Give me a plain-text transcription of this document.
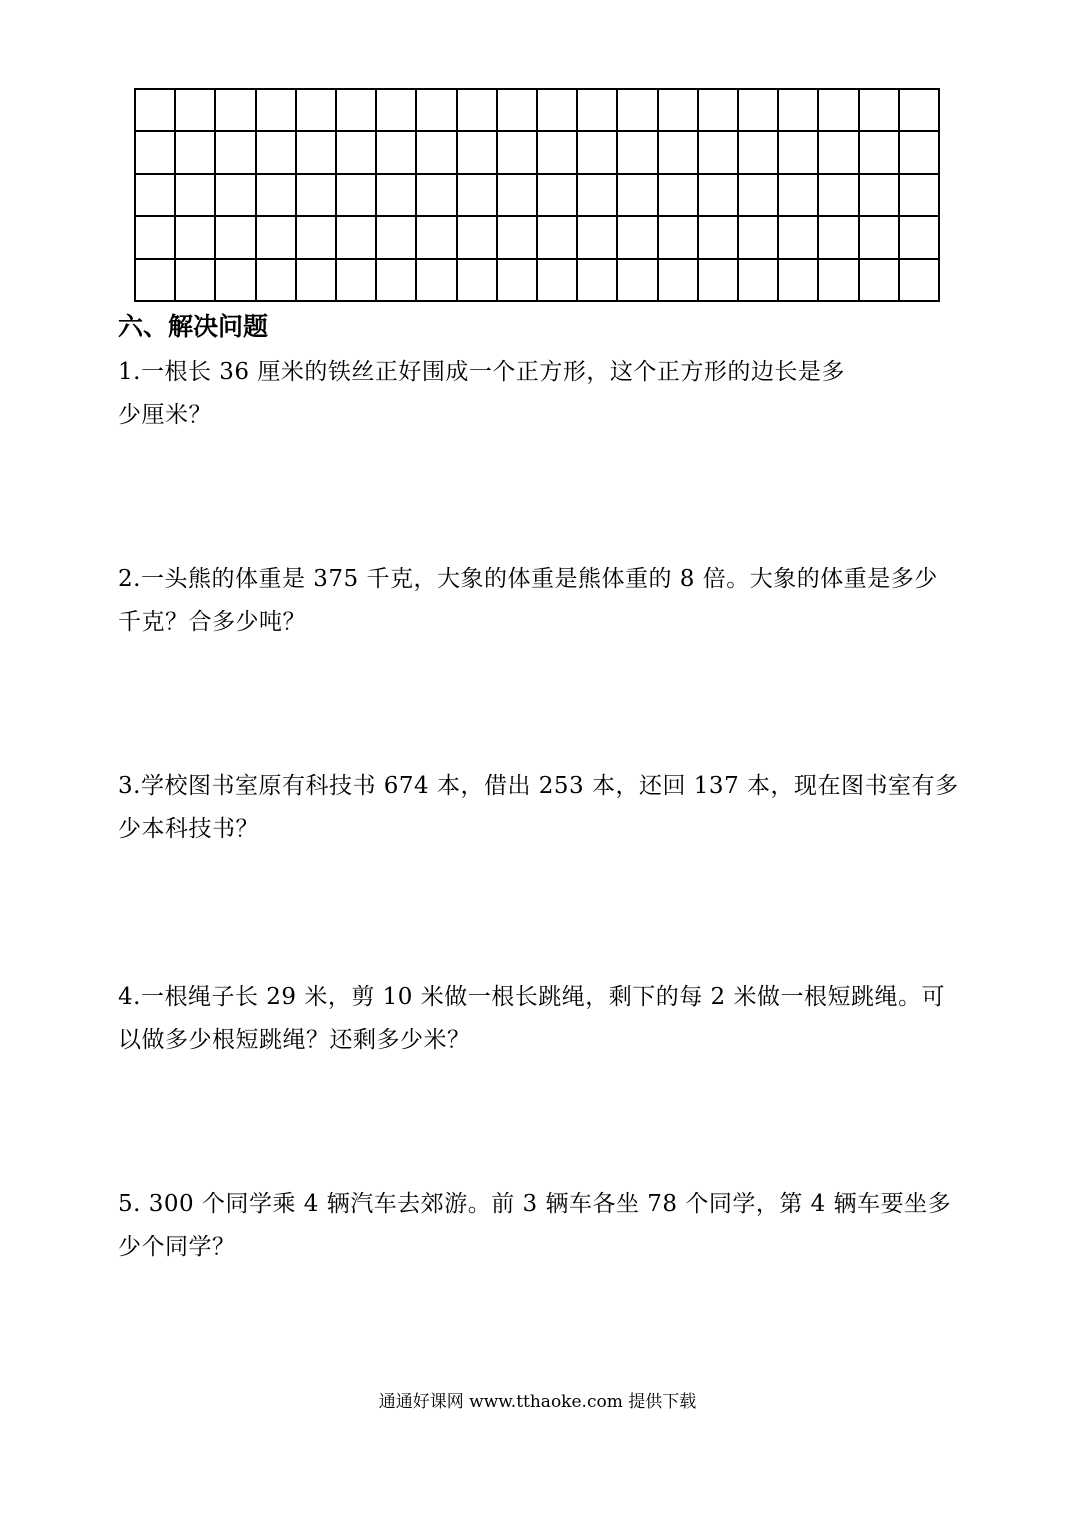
六、解决问题

1.一根长 36 厘米的铁丝正好围成一个正方形，这个正方形的边长是多
少厘米？

2.一头熊的体重是 375 千克，大象的体重是熊体重的 8 倍。大象的体重是多少
千克？合多少吨？

3.学校图书室原有科技书 674 本，借出 253 本，还回 137 本，现在图书室有多
少本科技书？

4.一根绳子长 29 米，剪 10 米做一根长跳绳，剩下的每 2 米做一根短跳绳。可
以做多少根短跳绳？还剩多少米？

5. 300 个同学乘 4 辆汽车去郊游。前 3 辆车各坐 78 个同学，第 4 辆车要坐多
少个同学？

通通好课网 www.tthaoke.com 提供下载
